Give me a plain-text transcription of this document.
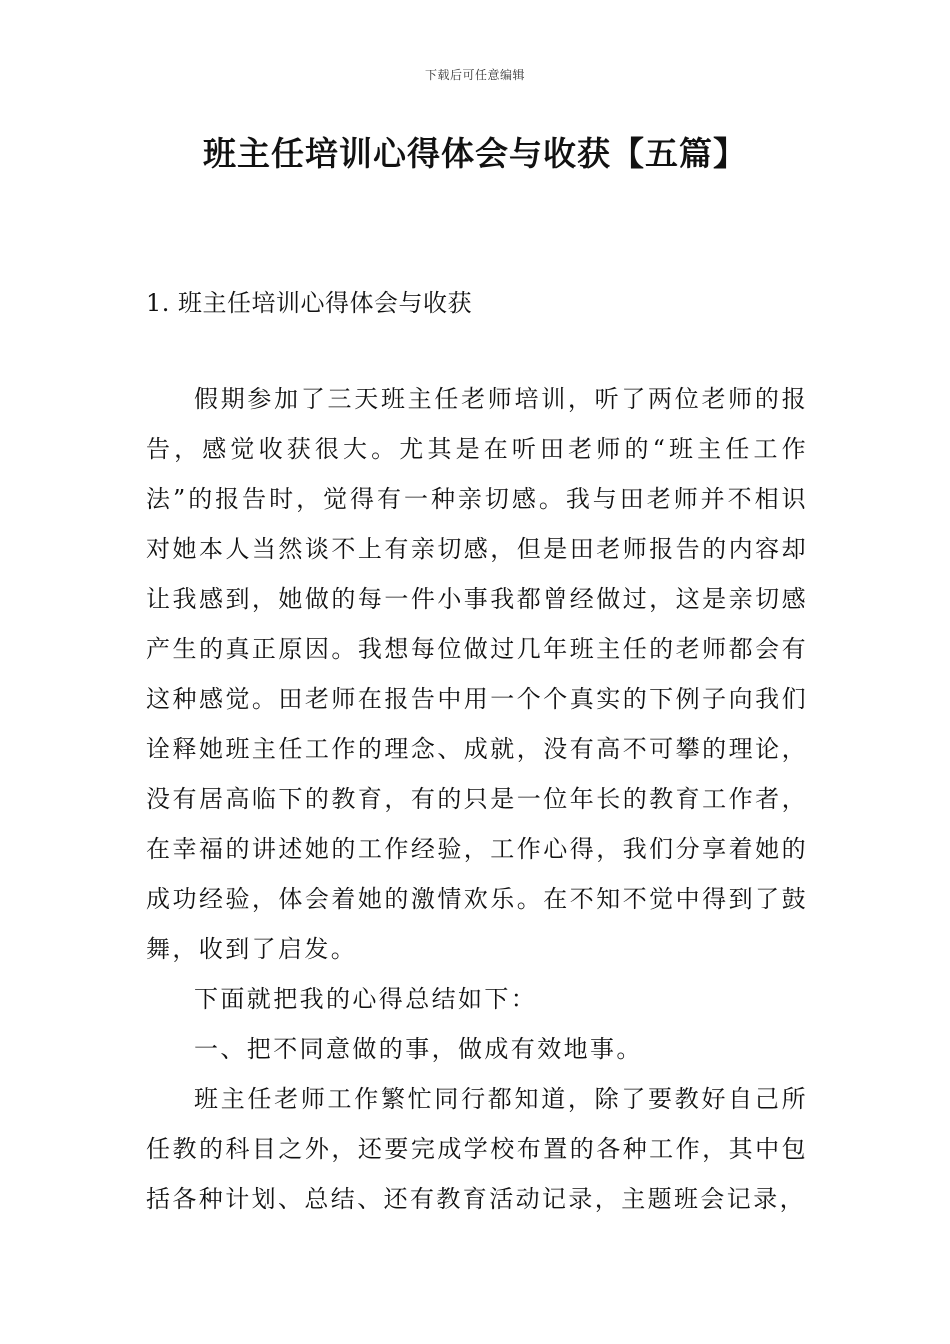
下载后可任意编辑
班主任培训心得体会与收获【五篇】
1. 班主任培训心得体会与收获

假期参加了三天班主任老师培训，听了两位老师的报告，感觉收获很大。尤其是在听田老师的“班主任工作法”的报告时，觉得有一种亲切感。我与田老师并不相识对她本人当然谈不上有亲切感，但是田老师报告的内容却让我感到，她做的每一件小事我都曾经做过，这是亲切感产生的真正原因。我想每位做过几年班主任的老师都会有这种感觉。田老师在报告中用一个个真实的下例子向我们诠释她班主任工作的理念、成就，没有高不可攀的理论，没有居高临下的教育，有的只是一位年长的教育工作者，在幸福的讲述她的工作经验，工作心得，我们分享着她的成功经验，体会着她的激情欢乐。在不知不觉中得到了鼓舞，收到了启发。

下面就把我的心得总结如下：

一、把不同意做的事，做成有效地事。

班主任老师工作繁忙同行都知道，除了要教好自己所任教的科目之外，还要完成学校布置的各种工作，其中包括各种计划、总结、还有教育活动记录，主题班会记录，
